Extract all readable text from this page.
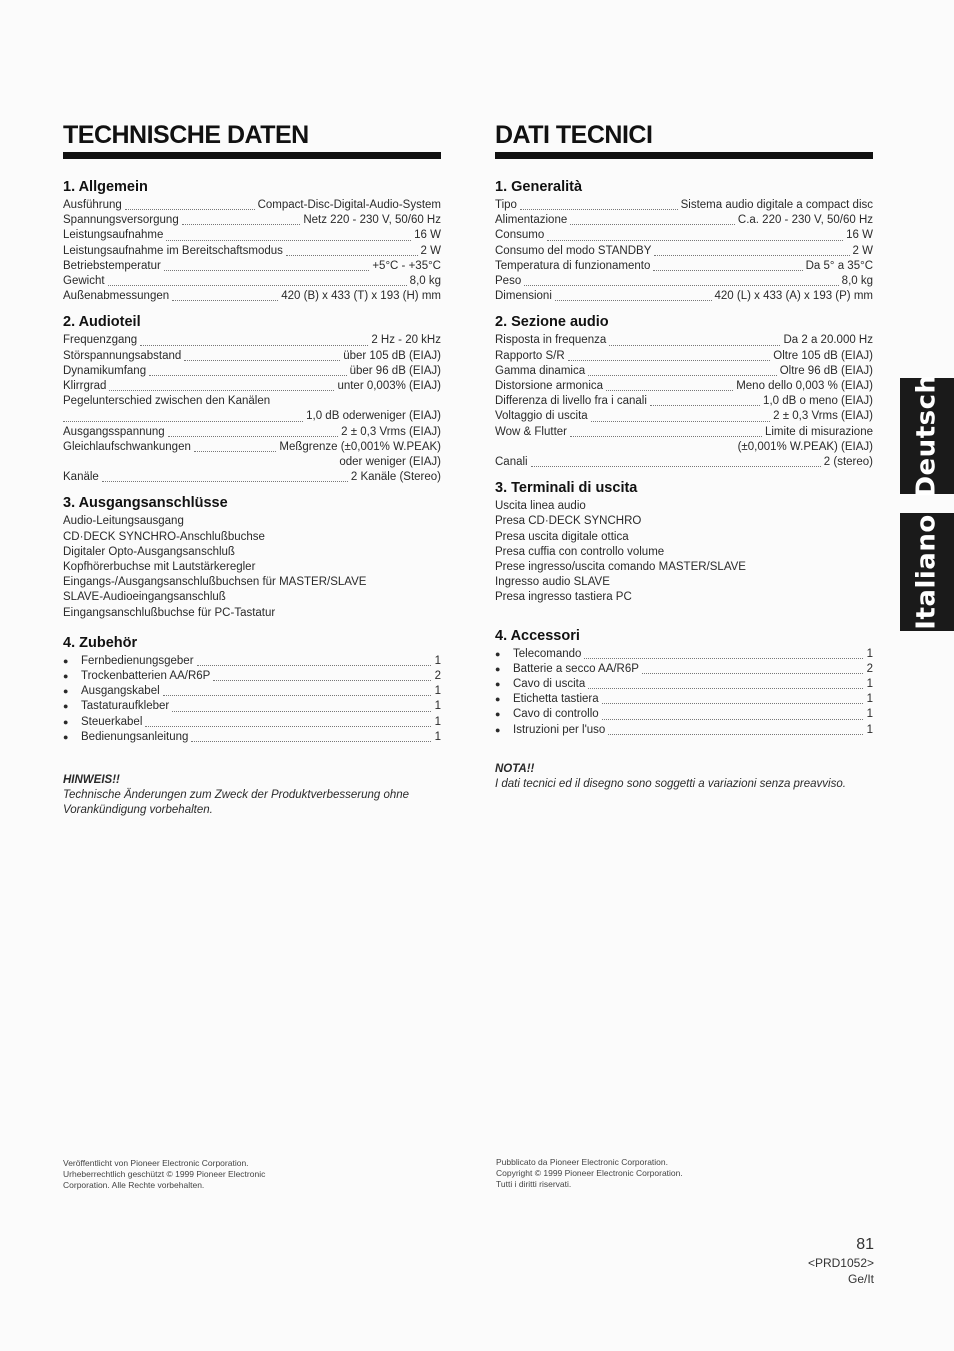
TECHNISCHE DATEN
1. Allgemein
Ausführung	Compact-Disc-Digital-Audio-System
Spannungsversorgung	Netz 220 - 230 V, 50/60 Hz
Leistungsaufnahme	16 W
Leistungsaufnahme im Bereitschaftsmodus	2 W
Betriebstemperatur	+5°C - +35°C
Gewicht	8,0 kg
Außenabmessungen	420 (B) x 433 (T) x 193 (H) mm
2. Audioteil
Frequenzgang	2 Hz - 20 kHz
Störspannungsabstand	über 105 dB (EIAJ)
Dynamikumfang	über 96 dB (EIAJ)
Klirrgrad	unter 0,003% (EIAJ)
Pegelunterschied zwischen den Kanälen
1,0 dB oderweniger (EIAJ)
Ausgangsspannung	2 ± 0,3 Vrms (EIAJ)
Gleichlaufschwankungen	Meßgrenze (±0,001% W.PEAK)
oder weniger (EIAJ)
Kanäle	2 Kanäle (Stereo)
3. Ausgangsanschlüsse
Audio-Leitungsausgang
CD·DECK SYNCHRO-Anschlußbuchse
Digitaler Opto-Ausgangsanschluß
Kopfhörerbuchse mit Lautstärkeregler
Eingangs-/Ausgangsanschlußbuchsen für MASTER/SLAVE
SLAVE-Audioeingangsanschluß
Eingangsanschlußbuchse für PC-Tastatur
4. Zubehör
●	Fernbedienungsgeber	1
●	Trockenbatterien AA/R6P	2
●	Ausgangskabel	1
●	Tastaturaufkleber	1
●	Steuerkabel	1
●	Bedienungsanleitung	1
HINWEIS!!
Technische Änderungen zum Zweck der Produktverbesserung ohne Vorankündigung vorbehalten.
DATI TECNICI
1. Generalità
Tipo	Sistema audio digitale a compact disc
Alimentazione	C.a. 220 - 230 V, 50/60 Hz
Consumo	16 W
Consumo del modo STANDBY	2 W
Temperatura di funzionamento	Da 5° a 35°C
Peso	8,0 kg
Dimensioni	420 (L) x 433 (A) x 193 (P) mm
2. Sezione audio
Risposta in frequenza	Da 2 a 20.000 Hz
Rapporto S/R	Oltre 105 dB (EIAJ)
Gamma dinamica	Oltre 96 dB (EIAJ)
Distorsione armonica	Meno dello 0,003 % (EIAJ)
Differenza di livello fra i canali	1,0 dB o meno (EIAJ)
Voltaggio di uscita	2 ± 0,3 Vrms (EIAJ)
Wow & Flutter	Limite di misurazione
(±0,001% W.PEAK) (EIAJ)
Canali	2 (stereo)
3. Terminali di uscita
Uscita linea audio
Presa CD·DECK SYNCHRO
Presa uscita digitale ottica
Presa cuffia con controllo volume
Prese ingresso/uscita comando MASTER/SLAVE
Ingresso audio SLAVE
Presa ingresso tastiera PC
4. Accessori
●	Telecomando	1
●	Batterie a secco AA/R6P	2
●	Cavo di uscita	1
●	Etichetta tastiera	1
●	Cavo di controllo	1
●	Istruzioni per l'uso	1
NOTA!!
I dati tecnici ed il disegno sono soggetti a variazioni senza preavviso.
Deutsch
Italiano
Veröffentlicht von Pioneer Electronic Corporation.
Urheberrechtlich geschützt © 1999 Pioneer Electronic
Corporation. Alle Rechte vorbehalten.
Pubblicato da Pioneer Electronic Corporation.
Copyright © 1999 Pioneer Electronic Corporation.
Tutti i diritti riservati.
81
<PRD1052>
Ge/It
